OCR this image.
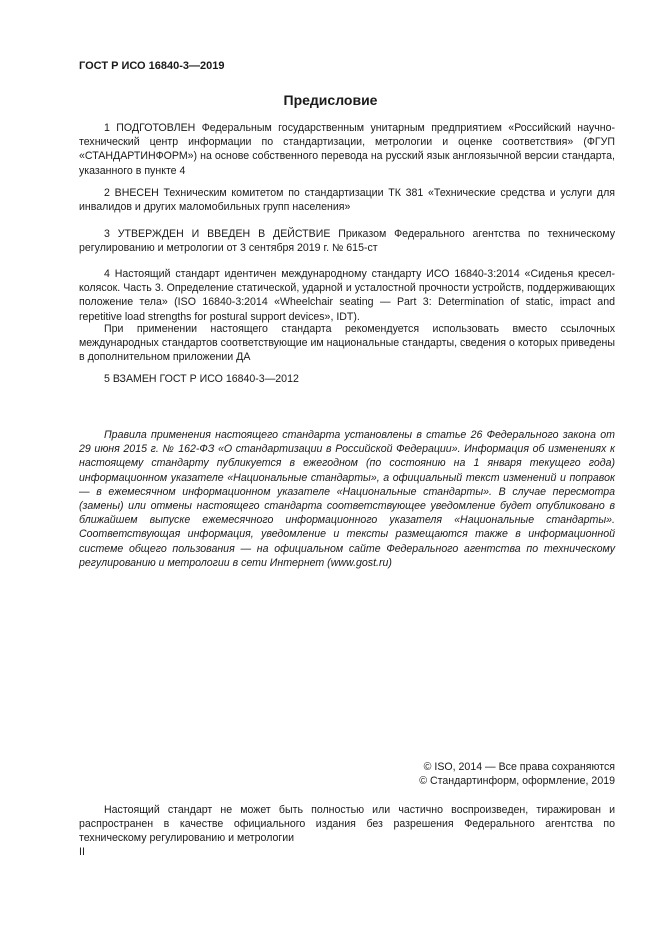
ГОСТ Р ИСО 16840-3—2019

Предисловие

1 ПОДГОТОВЛЕН Федеральным государственным унитарным предприятием «Российский научно-технический центр информации по стандартизации, метрологии и оценке соответствия» (ФГУП «СТАНДАРТИНФОРМ») на основе собственного перевода на русский язык англоязычной версии стандарта, указанного в пункте 4

2 ВНЕСЕН Техническим комитетом по стандартизации ТК 381 «Технические средства и услуги для инвалидов и других маломобильных групп населения»

3 УТВЕРЖДЕН И ВВЕДЕН В ДЕЙСТВИЕ Приказом Федерального агентства по техническому регулированию и метрологии от 3 сентября 2019 г. № 615-ст

4 Настоящий стандарт идентичен международному стандарту ИСО 16840-3:2014 «Сиденья кресел-колясок. Часть 3. Определение статической, ударной и усталостной прочности устройств, поддерживающих положение тела» (ISO 16840-3:2014 «Wheelchair seating — Part 3: Determination of static, impact and repetitive load strengths for postural support devices», IDT).

При применении настоящего стандарта рекомендуется использовать вместо ссылочных международных стандартов соответствующие им национальные стандарты, сведения о которых приведены в дополнительном приложении ДА

5 ВЗАМЕН ГОСТ Р ИСО 16840-3—2012

Правила применения настоящего стандарта установлены в статье 26 Федерального закона от 29 июня 2015 г. № 162-ФЗ «О стандартизации в Российской Федерации». Информация об изменениях к настоящему стандарту публикуется в ежегодном (по состоянию на 1 января текущего года) информационном указателе «Национальные стандарты», а официальный текст изменений и поправок — в ежемесячном информационном указателе «Национальные стандарты». В случае пересмотра (замены) или отмены настоящего стандарта соответствующее уведомление будет опубликовано в ближайшем выпуске ежемесячного информационного указателя «Национальные стандарты». Соответствующая информация, уведомление и тексты размещаются также в информационной системе общего пользования — на официальном сайте Федерального агентства по техническому регулированию и метрологии в сети Интернет (www.gost.ru)

© ISO, 2014 — Все права сохраняются

© Стандартинформ, оформление, 2019

Настоящий стандарт не может быть полностью или частично воспроизведен, тиражирован и распространен в качестве официального издания без разрешения Федерального агентства по техническому регулированию и метрологии

II
